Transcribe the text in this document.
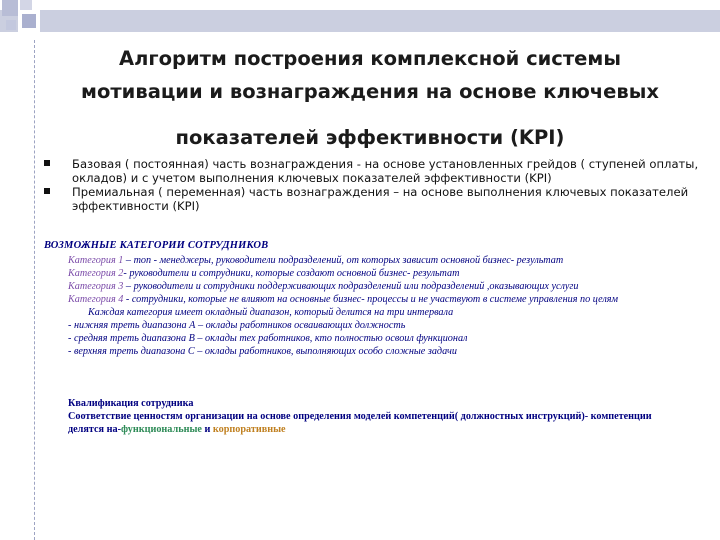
Алгоритм построения комплексной системы
мотивации и вознаграждения на основе ключевых
показателей эффективности (KPI)
Базовая ( постоянная) часть вознаграждения - на основе установленных грейдов ( ступеней оплаты, окладов) и с учетом выполнения ключевых показателей эффективности (KPI)
Премиальная ( переменная) часть вознаграждения – на основе выполнения ключевых показателей эффективности (KPI)
ВОЗМОЖНЫЕ КАТЕГОРИИ СОТРУДНИКОВ
Категория 1 – топ - менеджеры, руководители подразделений, от которых зависит основной бизнес- результат
Категория 2- руководители и сотрудники, которые создают основной бизнес- результат
Категория 3 – руководители и сотрудники поддерживающих подразделений или подразделений ,оказывающих услуги
Категория 4 - сотрудники, которые не влияют на основные бизнес- процессы и не участвуют в системе управления по целям
Каждая категория имеет окладный диапазон, который делится на три интервала
- нижняя треть диапазона А – оклады работников осваивающих должность
- средняя треть диапазона В – оклады тех работников, кто полностью освоил функционал
- верхняя треть диапазона С – оклады работников, выполняющих особо сложные задачи
Квалификация сотрудника
Соответствие ценностям организации на основе определения моделей компетенций( должностных инструкций)- компетенции делятся на-функциональные и корпоративные
